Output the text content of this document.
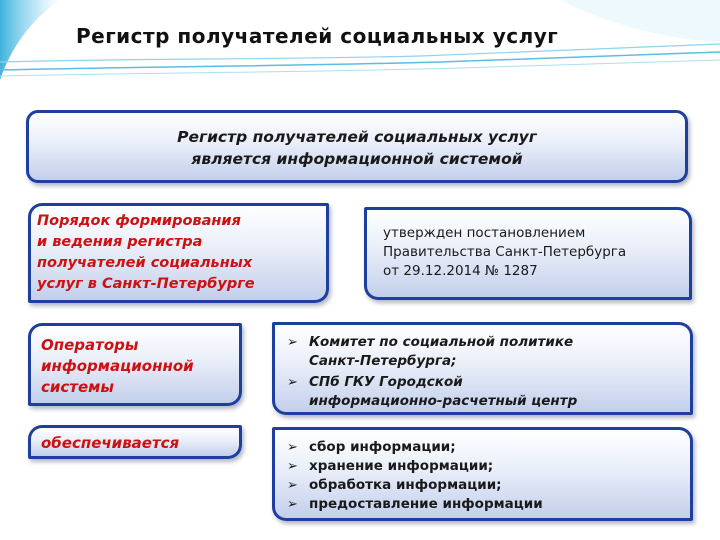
Регистр получателей социальных услуг
Регистр получателей социальных услуг
является информационной системой
Порядок формирования
и ведения регистра
получателей социальных
услуг в Санкт-Петербурге
утвержден постановлением
Правительства Санкт-Петербурга
от 29.12.2014 № 1287
Операторы
информационной
системы
➢ Комитет по социальной политике
Санкт-Петербурга;
➢ СПб ГКУ Городской
информационно-расчетный центр
обеспечивается	➢ сбор информации;
➢ хранение информации;
➢ обработка информации;
➢ предоставление информации
